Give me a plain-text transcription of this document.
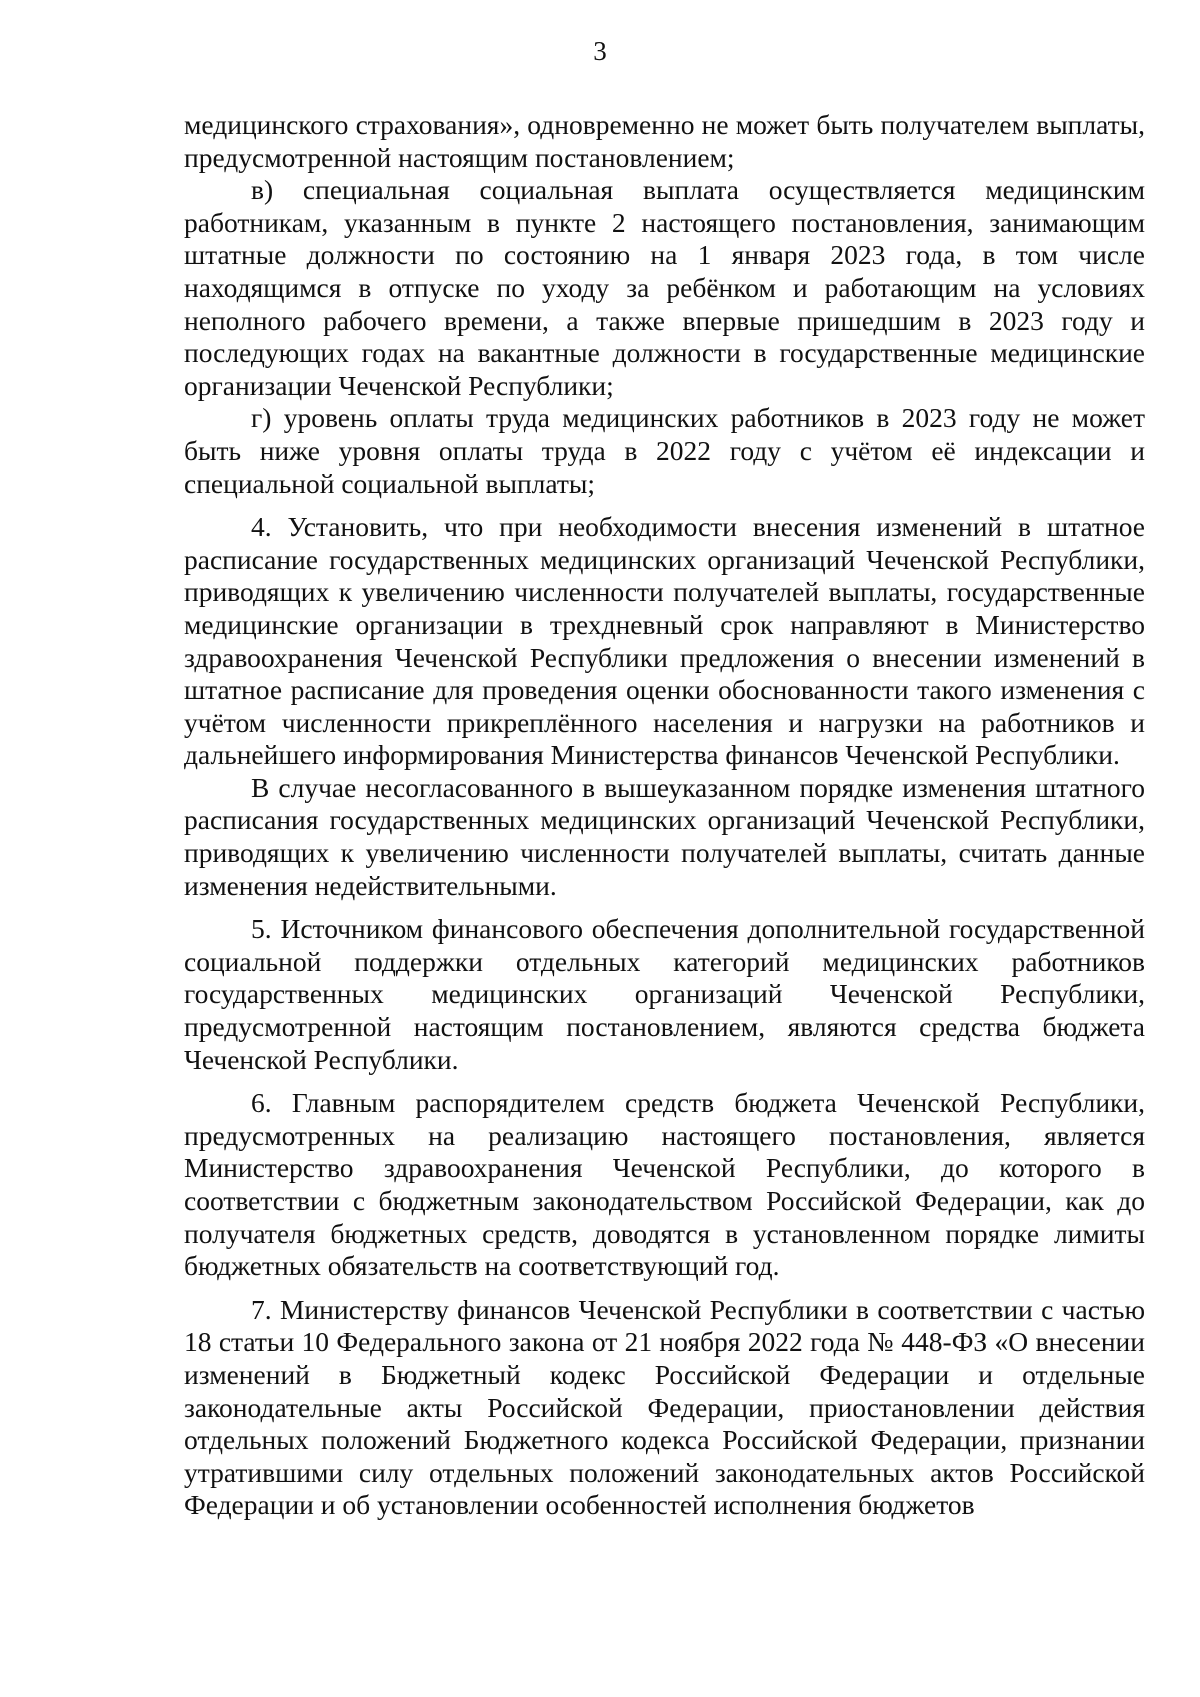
3

медицинского страхования», одновременно не может быть получателем выплаты, предусмотренной настоящим постановлением;

в) специальная социальная выплата осуществляется медицинским работникам, указанным в пункте 2 настоящего постановления, занимающим штатные должности по состоянию на 1 января 2023 года, в том числе находящимся в отпуске по уходу за ребёнком и работающим на условиях неполного рабочего времени, а также впервые пришедшим в 2023 году и последующих годах на вакантные должности в государственные медицинские организации Чеченской Республики;

г) уровень оплаты труда медицинских работников в 2023 году не может быть ниже уровня оплаты труда в 2022 году с учётом её индексации и специальной социальной выплаты;

4. Установить, что при необходимости внесения изменений в штатное расписание государственных медицинских организаций Чеченской Республики, приводящих к увеличению численности получателей выплаты, государственные медицинские организации в трехдневный срок направляют в Министерство здравоохранения Чеченской Республики предложения о внесении изменений в штатное расписание для проведения оценки обоснованности такого изменения с учётом численности прикреплённого населения и нагрузки на работников и дальнейшего информирования Министерства финансов Чеченской Республики.

В случае несогласованного в вышеуказанном порядке изменения штатного расписания государственных медицинских организаций Чеченской Республики, приводящих к увеличению численности получателей выплаты, считать данные изменения недействительными.

5. Источником финансового обеспечения дополнительной государственной социальной поддержки отдельных категорий медицинских работников государственных медицинских организаций Чеченской Республики, предусмотренной настоящим постановлением, являются средства бюджета Чеченской Республики.

6. Главным распорядителем средств бюджета Чеченской Республики, предусмотренных на реализацию настоящего постановления, является Министерство здравоохранения Чеченской Республики, до которого в соответствии с бюджетным законодательством Российской Федерации, как до получателя бюджетных средств, доводятся в установленном порядке лимиты бюджетных обязательств на соответствующий год.

7. Министерству финансов Чеченской Республики в соответствии с частью 18 статьи 10 Федерального закона от 21 ноября 2022 года № 448-ФЗ «О внесении изменений в Бюджетный кодекс Российской Федерации и отдельные законодательные акты Российской Федерации, приостановлении действия отдельных положений Бюджетного кодекса Российской Федерации, признании утратившими силу отдельных положений законодательных актов Российской Федерации и об установлении особенностей исполнения бюджетов
